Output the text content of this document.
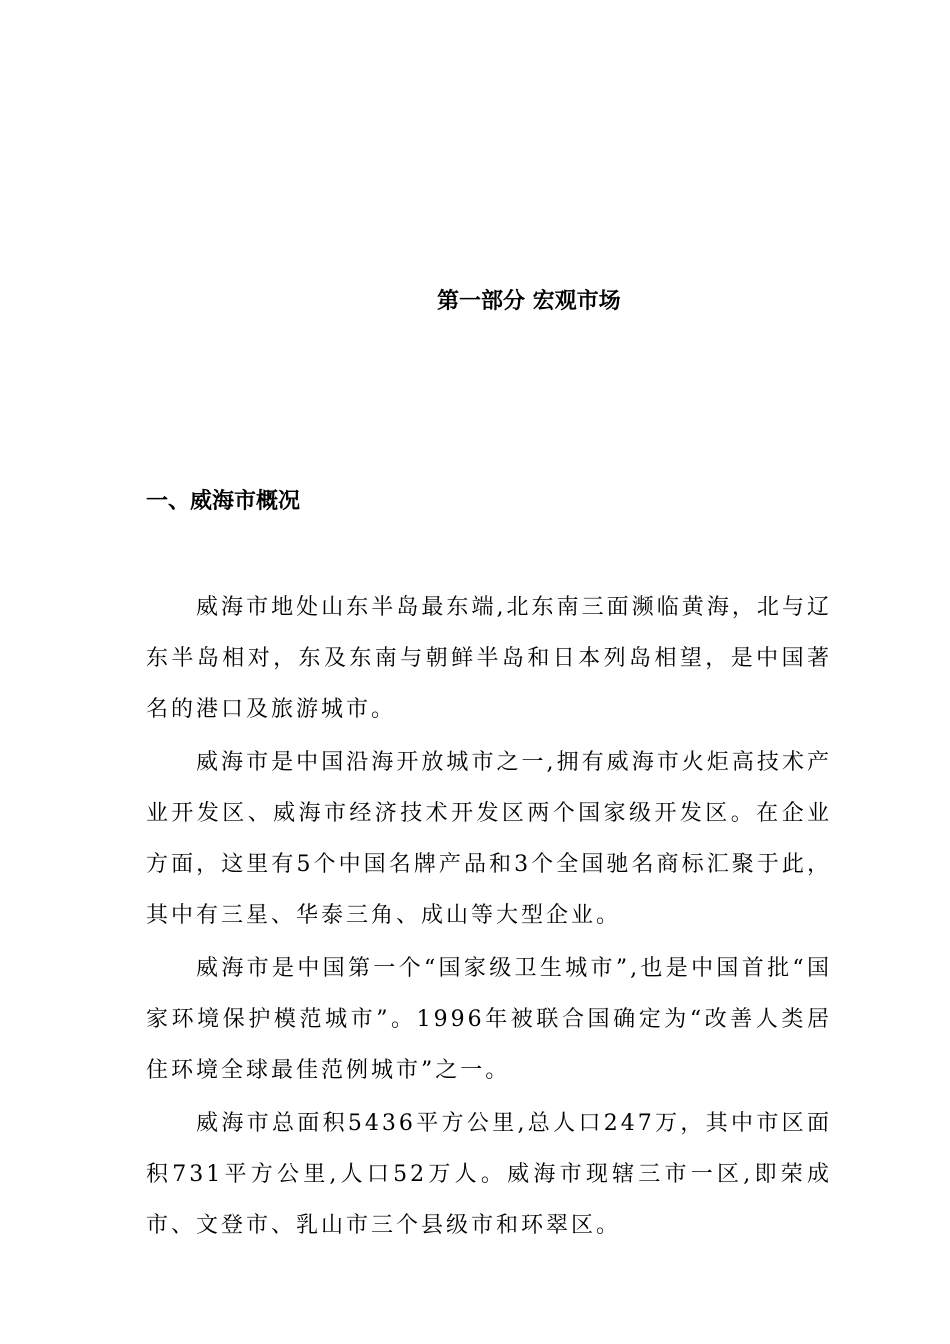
第一部分 宏观市场
一、威海市概况

威海市地处山东半岛最东端,北东南三面濒临黄海，北与辽东半岛相对，东及东南与朝鲜半岛和日本列岛相望，是中国著名的港口及旅游城市。

威海市是中国沿海开放城市之一,拥有威海市火炬高技术产业开发区、威海市经济技术开发区两个国家级开发区。在企业方面，这里有5个中国名牌产品和3个全国驰名商标汇聚于此，其中有三星、华泰三角、成山等大型企业。

威海市是中国第一个“国家级卫生城市”,也是中国首批“国家环境保护模范城市”。1996年被联合国确定为“改善人类居住环境全球最佳范例城市”之一。

威海市总面积5436平方公里,总人口247万，其中市区面积731平方公里,人口52万人。威海市现辖三市一区,即荣成市、文登市、乳山市三个县级市和环翠区。
